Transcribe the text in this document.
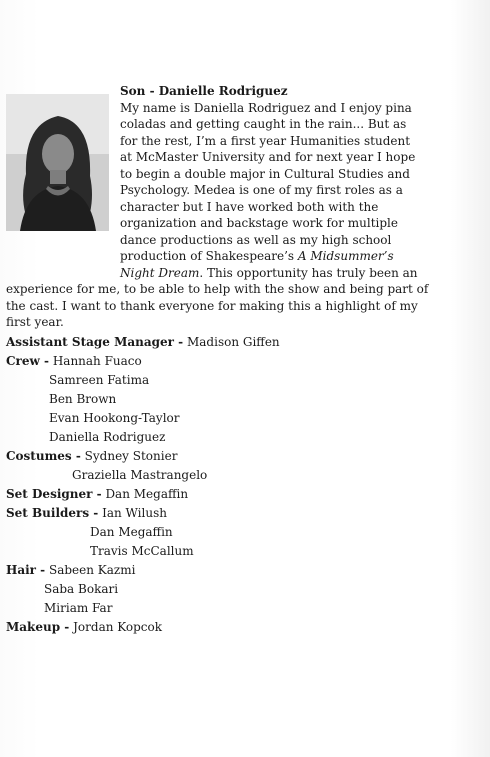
Son - Danielle Rodriguez
My name is Daniella Rodriguez and I enjoy pina
coladas and getting caught in the rain... But as
for the rest, I’m a first year Humanities student
at McMaster University and for next year I hope
to begin a double major in Cultural Studies and
Psychology. Medea is one of my first roles as a
character but I have worked both with the
organization and backstage work for multiple
dance productions as well as my high school
production of Shakespeare’s A Midsummer’s
Night Dream. This opportunity has truly been an
experience for me, to be able to help with the show and being part of
the cast. I want to thank everyone for making this a highlight of my
first year.
Assistant Stage Manager - Madison Giffen
Crew - Hannah Fuaco
Samreen Fatima
Ben Brown
Evan Hookong-Taylor
Daniella Rodriguez
Costumes - Sydney Stonier
Graziella Mastrangelo
Set Designer - Dan Megaffin
Set Builders - Ian Wilush
Dan Megaffin
Travis McCallum
Hair - Sabeen Kazmi
Saba Bokari
Miriam Far
Makeup - Jordan Kopcok
